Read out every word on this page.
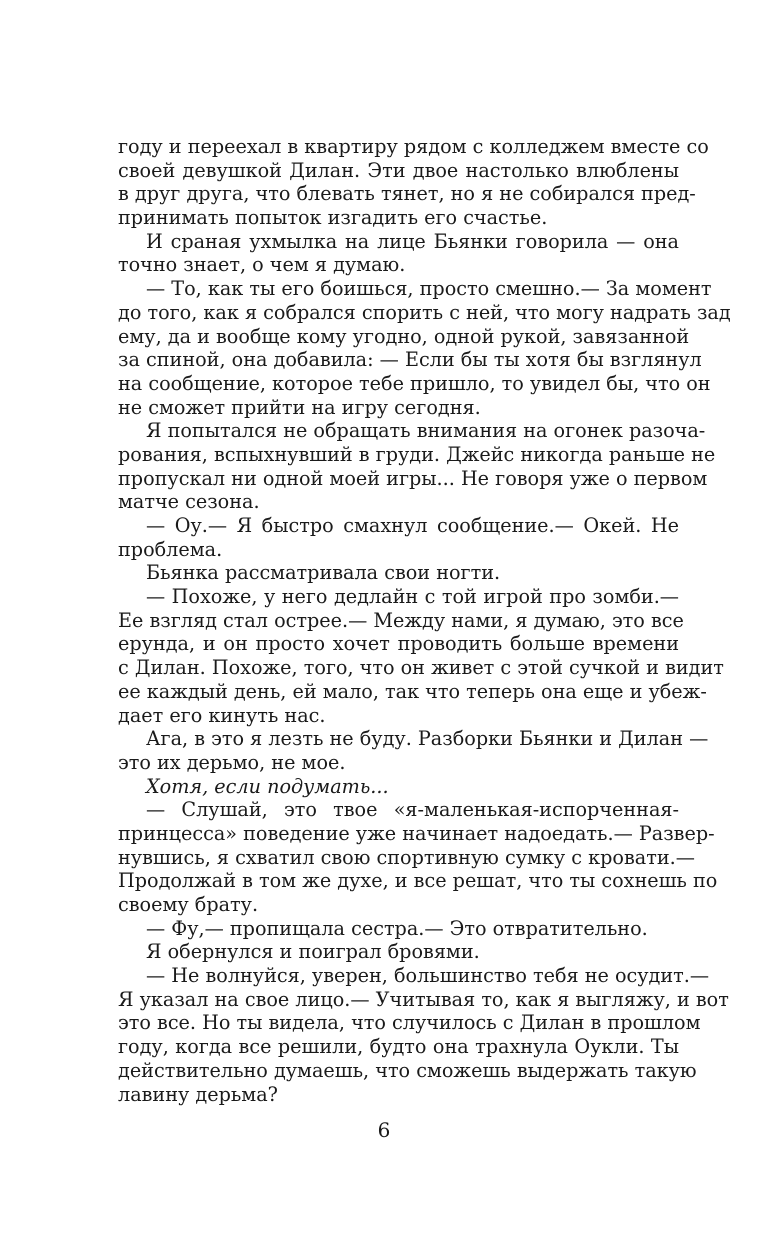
году и переехал в квартиру рядом с колледжем вместе со
своей девушкой Дилан. Эти двое настолько влюблены
в друг друга, что блевать тянет, но я не собирался пред-
принимать попыток изгадить его счастье.
И сраная ухмылка на лице Бьянки говорила — она
точно знает, о чем я думаю.
— То, как ты его боишься, просто смешно.— За момент
до того, как я собрался спорить с ней, что могу надрать зад
ему, да и вообще кому угодно, одной рукой, завязанной
за спиной, она добавила: — Если бы ты хотя бы взглянул
на сообщение, которое тебе пришло, то увидел бы, что он
не сможет прийти на игру сегодня.
Я попытался не обращать внимания на огонек разоча-
рования, вспыхнувший в груди. Джейс никогда раньше не
пропускал ни одной моей игры... Не говоря уже о первом
матче сезона.
— Оу.— Я быстро смахнул сообщение.— Окей. Не
проблема.
Бьянка рассматривала свои ногти.
— Похоже, у него дедлайн с той игрой про зомби.—
Ее взгляд стал острее.— Между нами, я думаю, это все
ерунда, и он просто хочет проводить больше времени
с Дилан. Похоже, того, что он живет с этой сучкой и видит
ее каждый день, ей мало, так что теперь она еще и убеж-
дает его кинуть нас.
Ага, в это я лезть не буду. Разборки Бьянки и Дилан —
это их дерьмо, не мое.
Хотя, если подумать...
— Слушай, это твое «я-маленькая-испорченная-
принцесса» поведение уже начинает надоедать.— Развер-
нувшись, я схватил свою спортивную сумку с кровати.—
Продолжай в том же духе, и все решат, что ты сохнешь по
своему брату.
— Фу,— пропищала сестра.— Это отвратительно.
Я обернулся и поиграл бровями.
— Не волнуйся, уверен, большинство тебя не осудит.—
Я указал на свое лицо.— Учитывая то, как я выгляжу, и вот
это все. Но ты видела, что случилось с Дилан в прошлом
году, когда все решили, будто она трахнула Оукли. Ты
действительно думаешь, что сможешь выдержать такую
лавину дерьма?
6
